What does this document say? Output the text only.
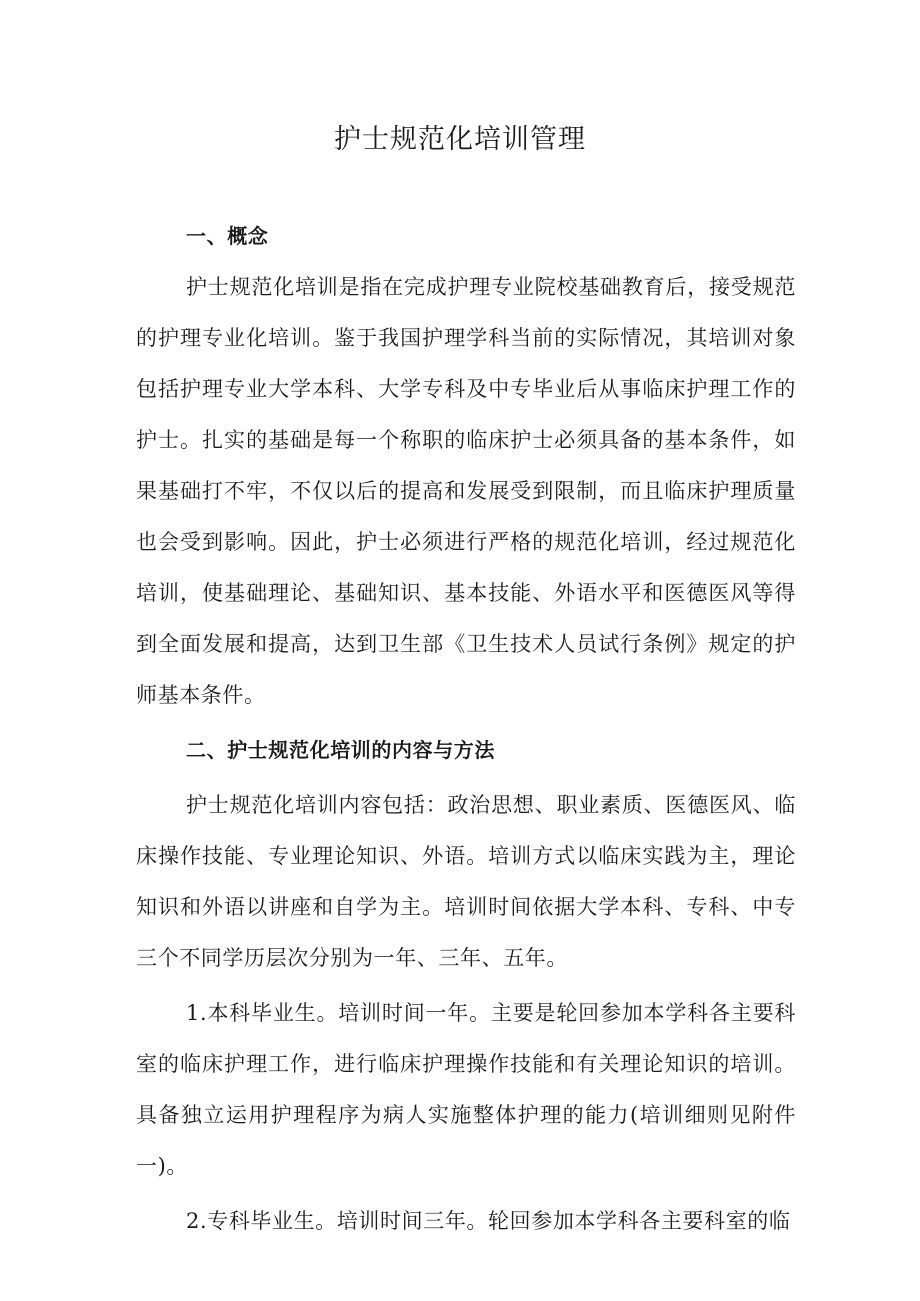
护士规范化培训管理

一、概念

护士规范化培训是指在完成护理专业院校基础教育后，接受规范的护理专业化培训。鉴于我国护理学科当前的实际情况，其培训对象包括护理专业大学本科、大学专科及中专毕业后从事临床护理工作的护士。扎实的基础是每一个称职的临床护士必须具备的基本条件，如果基础打不牢，不仅以后的提高和发展受到限制，而且临床护理质量也会受到影响。因此，护士必须进行严格的规范化培训，经过规范化培训，使基础理论、基础知识、基本技能、外语水平和医德医风等得到全面发展和提高，达到卫生部《卫生技术人员试行条例》规定的护师基本条件。

二、护士规范化培训的内容与方法

护士规范化培训内容包括：政治思想、职业素质、医德医风、临床操作技能、专业理论知识、外语。培训方式以临床实践为主，理论知识和外语以讲座和自学为主。培训时间依据大学本科、专科、中专三个不同学历层次分别为一年、三年、五年。

1.本科毕业生。培训时间一年。主要是轮回参加本学科各主要科室的临床护理工作，进行临床护理操作技能和有关理论知识的培训。具备独立运用护理程序为病人实施整体护理的能力(培训细则见附件一)。

2.专科毕业生。培训时间三年。轮回参加本学科各主要科室的临
